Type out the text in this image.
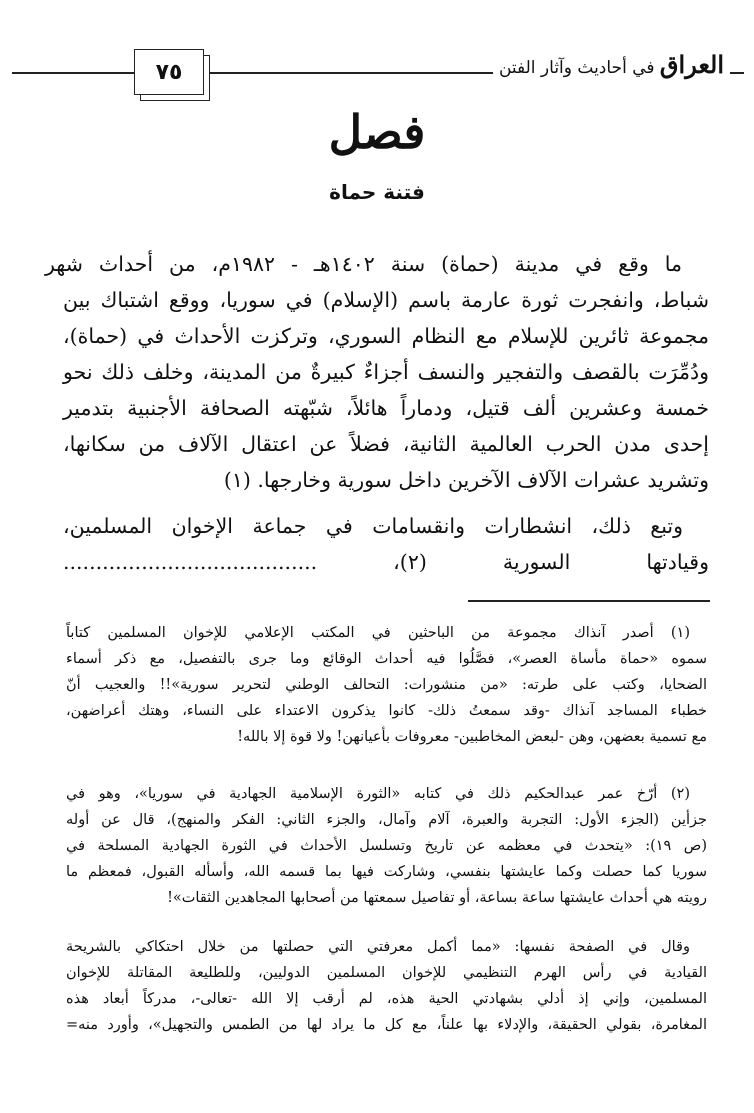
٧٥	العراق في أحاديث وآثار الفتن
فصل
فتنة حماة
ما وقع في مدينة (حماة) سنة ١٤٠٢هـ - ١٩٨٢م، من أحداث شهر
شباط، وانفجرت ثورة عارمة باسم (الإسلام) في سوريا، ووقع اشتباك بين
مجموعة ثائرين للإسلام مع النظام السوري، وتركزت الأحداث في (حماة)،
ودُمِّرَت بالقصف والتفجير والنسف أجزاءٌ كبيرةٌ من المدينة، وخلف ذلك نحو
خمسة وعشرين ألف قتيل، ودماراً هائلاً، شبّهته الصحافة الأجنبية بتدمير
إحدى مدن الحرب العالمية الثانية، فضلاً عن اعتقال الآلاف من سكانها،
وتشريد عشرات الآلاف الآخرين داخل سورية وخارجها. (١)
وتبع ذلك، انشطارات وانقسامات في جماعة الإخوان المسلمين،
وقيادتها السورية (٢)، .......................................
(١) أصدر آنذاك مجموعة من الباحثين في المكتب الإعلامي للإخوان المسلمين كتاباً
سموه «حماة مأساة العصر»، فصَّلُوا فيه أحداث الوقائع وما جرى بالتفصيل، مع ذكر أسماء
الضحايا، وكتب على طرته: «من منشورات: التحالف الوطني لتحرير سورية»!! والعجيب أنّ
خطباء المساجد آنذاك -وقد سمعتُ ذلك- كانوا يذكرون الاعتداء على النساء، وهتك أعراضهن،
مع تسمية بعضهن، وهن -لبعض المخاطبين- معروفات بأعيانهن! ولا قوة إلا بالله!
(٢) أرّخ عمر عبدالحكيم ذلك في كتابه «الثورة الإسلامية الجهادية في سوريا»، وهو في
جزأين (الجزء الأول: التجربة والعبرة، آلام وآمال، والجزء الثاني: الفكر والمنهج)، قال عن أوله
(ص ١٩): «يتحدث في معظمه عن تاريخ وتسلسل الأحداث في الثورة الجهادية المسلحة في
سوريا كما حصلت وكما عايشتها بنفسي، وشاركت فيها بما قسمه الله، وأسأله القبول، فمعظم ما
رويته هي أحداث عايشتها ساعة بساعة، أو تفاصيل سمعتها من أصحابها المجاهدين الثقات»!
وقال في الصفحة نفسها: «مما أكمل معرفتي التي حصلتها من خلال احتكاكي بالشريحة
القيادية في رأس الهرم التنظيمي للإخوان المسلمين الدوليين، وللطليعة المقاتلة للإخوان
المسلمين، وإني إذ أدلي بشهادتي الحية هذه، لم أرقب إلا الله -تعالى-، مدركاً أبعاد هذه
المغامرة، بقولي الحقيقة، والإدلاء بها علناً، مع كل ما يراد لها من الطمس والتجهيل»، وأورد منه=
